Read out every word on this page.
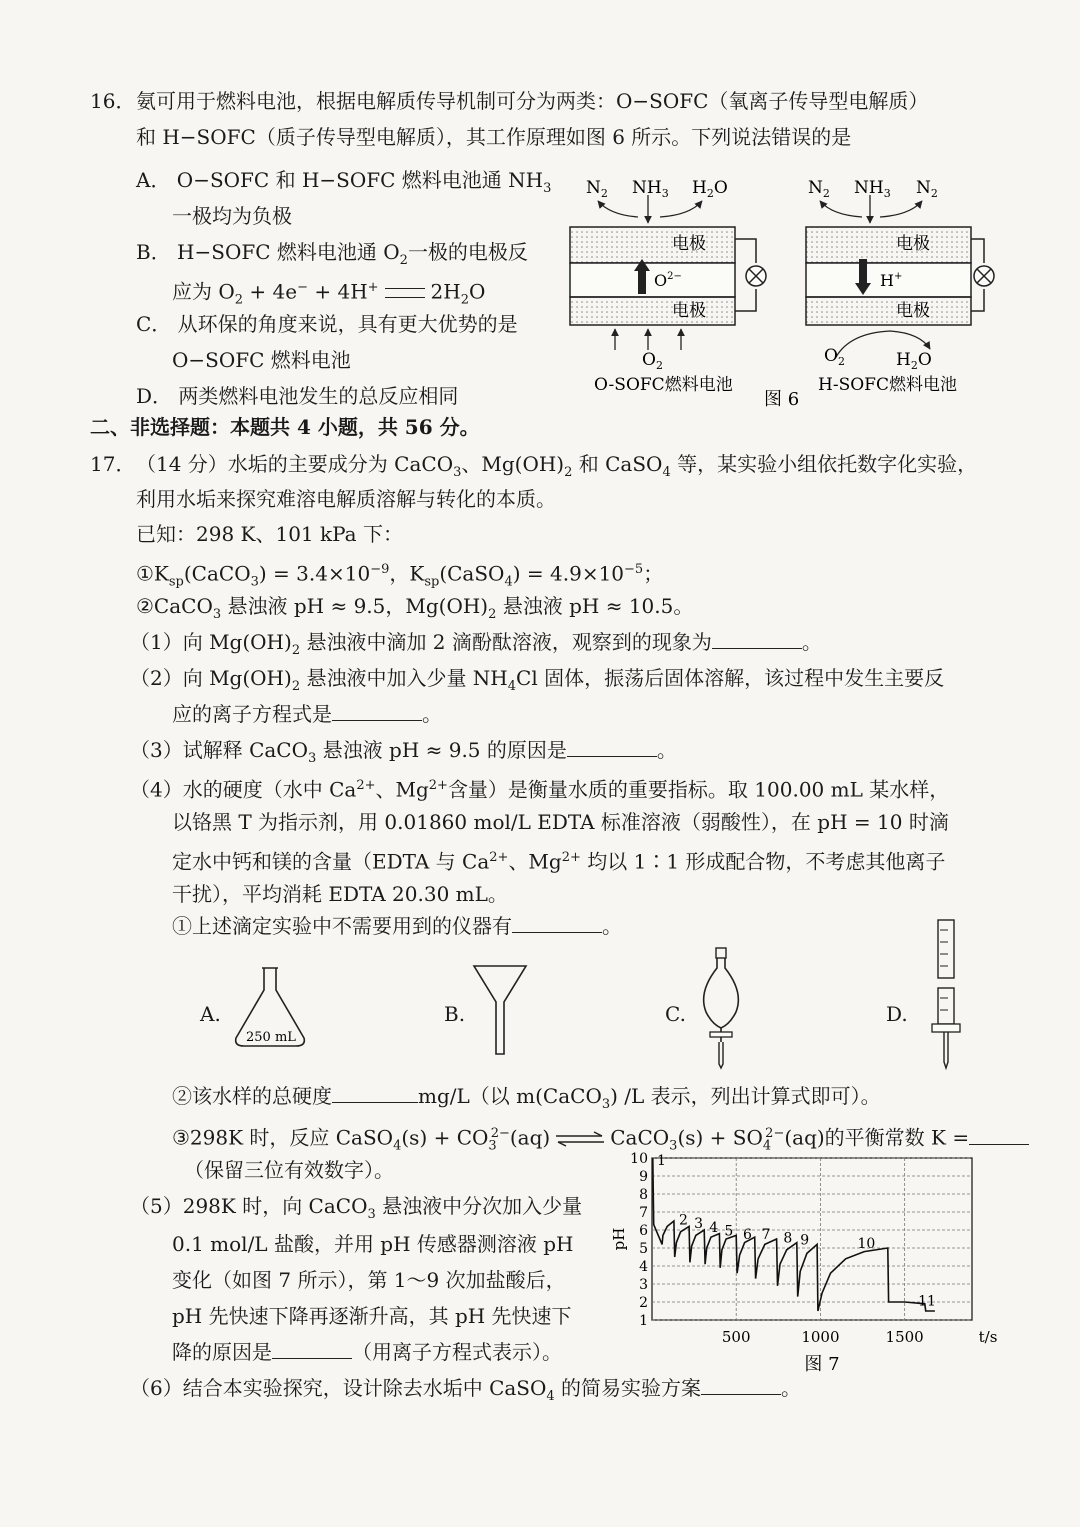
16． 氨可用于燃料电池，根据电解质传导机制可分为两类：O−SOFC（氧离子传导型电解质）
和 H−SOFC（质子传导型电解质），其工作原理如图 6 所示。下列说法错误的是
A． O−SOFC 和 H−SOFC 燃料电池通 $NH_3$
一极均为负极
B． H−SOFC 燃料电池通 $O_2$一极的电极反
应为 $O_2 + 4e^- + 4H^+$	$2H_2O$
C． 从环保的角度来说，具有更大优势的是
O−SOFC 燃料电池
D． 两类燃料电池发生的总反应相同
$N_2$ $NH_3$ $H_2O$
电极
电极
$O^{2-}$
$O_2$
O-SOFC燃料电池
图 6
$N_2$ $NH_3$ $N_2$
电极
电极
H+
$O_2$	$H_2O$
H-SOFC燃料电池
二、非选择题：本题共 4 小题，共 56 分。
17． （14 分）水垢的主要成分为 CaCO$_3$、$Mg(OH)_2$ 和 CaSO$_4$ 等，某实验小组依托数字化实验，
利用水垢来探究难溶电解质溶解与转化的本质。
已知：298 K、101 kPa 下：
$①K_{sp}(CaCO_3) = 3.4\times 10^{-9}$，$K_{sp}(CaSO_4) = 4.9\times 10^{-5}$；
②CaCO$_3$ 悬浊液 pH ≈ 9.5，$Mg(OH)_2$ 悬浊液 pH ≈ 10.5。
（1）向 $Mg(OH)_2$ 悬浊液中滴加 2 滴酚酞溶液，观察到的现象为	。
（2）向 $Mg(OH)_2$ 悬浊液中加入少量 $NH_4Cl$ 固体，振荡后固体溶解，该过程中发生主要反
应的离子方程式是	。
（3）试解释 CaCO$_3$ 悬浊液 pH ≈ 9.5 的原因是	。
（4）水的硬度（水中 $Ca^{2+}$、$Mg^{2+}$含量）是衡量水质的重要指标。取 100.00 mL 某水样，
以铬黑 T 为指示剂，用 0.01860 mol/L EDTA 标准溶液（弱酸性），在 pH = 10 时滴
定水中钙和镁的含量（EDTA 与 $Ca^{2+}$、$Mg^{2+}$ 均以 1∶1 形成配合物，不考虑其他离子
干扰），平均消耗 EDTA 20.30 mL。
①上述滴定实验中不需要用到的仪器有	。
A.
250 mL
B.	C.	D.
②该水样的总硬度	mg/L（以 m(CaCO$_3$) /L 表示，列出计算式即可）。
③298K 时，反应 CaSO$_4$(s) + $CO_3^{2-}(aq)$ ⇌ CaCO$_3$(s) + $SO_4^{2-}(aq)$的平衡常数 K =
（保留三位有效数字）。
（5）298K 时，向 CaCO$_3$ 悬浊液中分次加入少量
0.1 mol/L 盐酸，并用 pH 传感器测溶液 pH
变化（如图 7 所示），第 1～9 次加盐酸后，
pH 先快速下降再逐渐升高，其 pH 先快速下
降的原因是	（用离子方程式表示）。
（6）结合本实验探究，设计除去水垢中 CaSO$_4$ 的简易实验方案	。
1
2
3
4
5
6
7
8
9
10
500	1000	1500
pH
t/s
1
2 3 4 5 6 7 8 9	10
11
图 7
